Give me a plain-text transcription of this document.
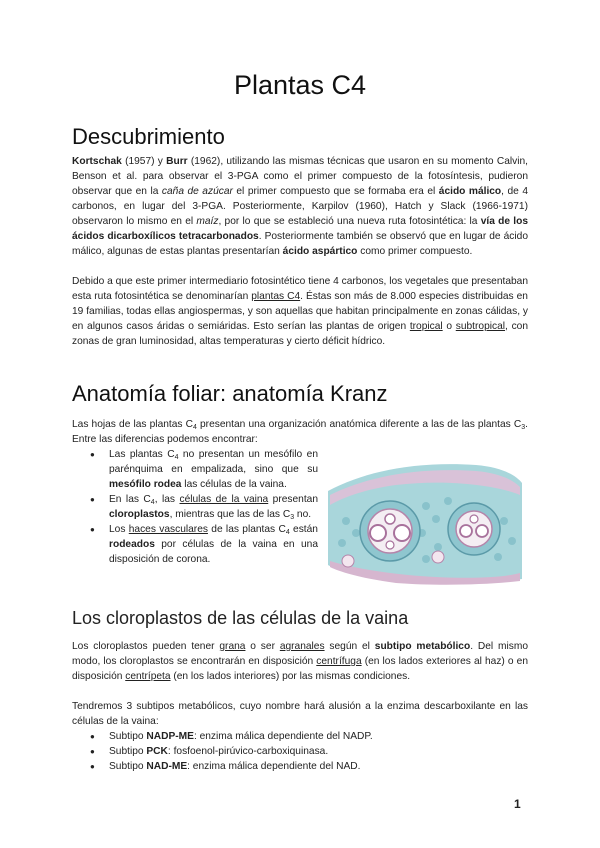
Plantas C4
Descubrimiento

Kortschak (1957) y Burr (1962), utilizando las mismas técnicas que usaron en su momento Calvin, Benson et al. para observar el 3-PGA como el primer compuesto de la fotosíntesis, pudieron observar que en la caña de azúcar el primer compuesto que se formaba era el ácido málico, de 4 carbonos, en lugar del 3-PGA. Posteriormente, Karpilov (1960), Hatch y Slack (1966-1971) observaron lo mismo en el maíz, por lo que se estableció una nueva ruta fotosintética: la vía de los ácidos dicarboxílicos tetracarbonados. Posteriormente también se observó que en lugar de ácido málico, algunas de estas plantas presentarían ácido aspártico como primer compuesto.

Debido a que este primer intermediario fotosintético tiene 4 carbonos, los vegetales que presentaban esta ruta fotosintética se denominarían plantas C4. Éstas son más de 8.000 especies distribuidas en 19 familias, todas ellas angiospermas, y son aquellas que habitan principalmente en zonas cálidas, y en algunos casos áridas o semiáridas. Esto serían las plantas de origen tropical o subtropical, con zonas de gran luminosidad, altas temperaturas y cierto déficit hídrico.

Anatomía foliar: anatomía Kranz

Las hojas de las plantas $C_4$ presentan una organización anatómica diferente a las de las plantas $C_3$. Entre las diferencias podemos encontrar:

● Las plantas $C_4$ no presentan un mesófilo en parénquima en empalizada, sino que su mesófilo rodea las células de la vaina.
● En las $C_4$, las células de la vaina presentan cloroplastos, mientras que las de las $C_3$ no.
● Los haces vasculares de las plantas $C_4$ están rodeados por células de la vaina en una disposición de corona.
Los cloroplastos de las células de la vaina

Los cloroplastos pueden tener grana o ser agranales según el subtipo metabólico. Del mismo modo, los cloroplastos se encontrarán en disposición centrífuga (en los lados exteriores al haz) o en disposición centrípeta (en los lados interiores) por las mismas condiciones.

Tendremos 3 subtipos metabólicos, cuyo nombre hará alusión a la enzima descarboxilante en las células de la vaina:

● Subtipo NADP-ME: enzima málica dependiente del NADP.
● Subtipo PCK: fosfoenol-pirúvico-carboxiquinasa.
● Subtipo NAD-ME: enzima málica dependiente del NAD.
1
